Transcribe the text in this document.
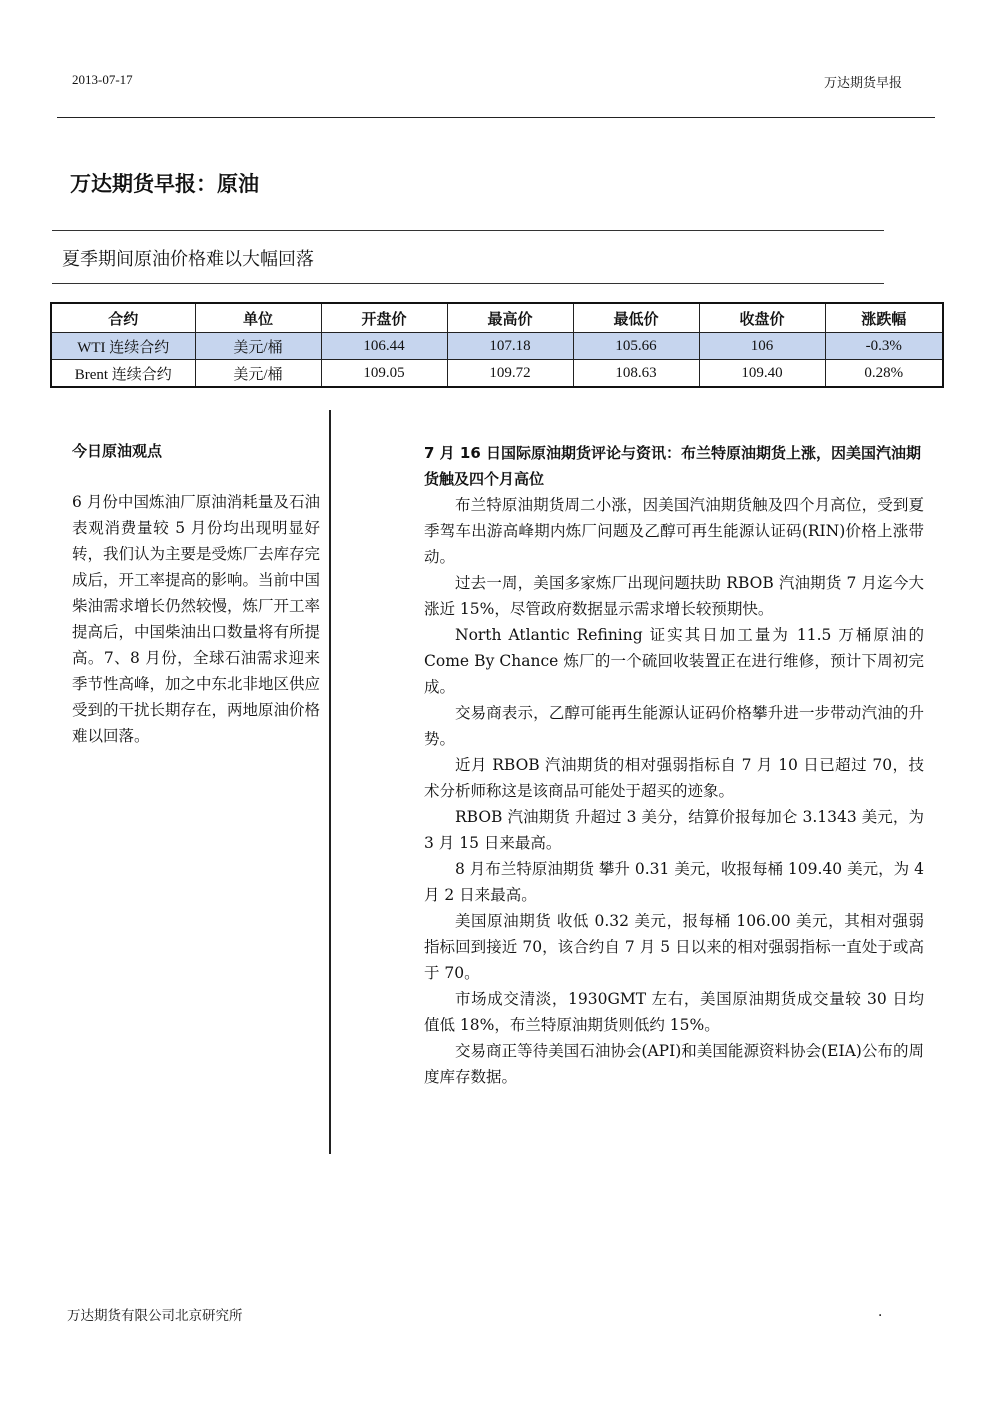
2013-07-17	万达期货早报
万达期货早报：原油
夏季期间原油价格难以大幅回落
合约	单位	开盘价	最高价	最低价	收盘价	涨跌幅
WTI 连续合约	美元/桶	106.44	107.18	105.66	106	-0.3%
Brent 连续合约	美元/桶	109.05	109.72	108.63	109.40	0.28%

今日原油观点

6 月份中国炼油厂原油消耗量及石油表观消费量较 5 月份均出现明显好转，我们认为主要是受炼厂去库存完成后，开工率提高的影响。当前中国柴油需求增长仍然较慢，炼厂开工率提高后，中国柴油出口数量将有所提高。7、8 月份，全球石油需求迎来季节性高峰，加之中东北非地区供应受到的干扰长期存在，两地原油价格难以回落。

7 月 16 日国际原油期货评论与资讯：布兰特原油期货上涨，因美国汽油期货触及四个月高位

布兰特原油期货周二小涨，因美国汽油期货触及四个月高位，受到夏季驾车出游高峰期内炼厂问题及乙醇可再生能源认证码(RIN)价格上涨带动。

过去一周，美国多家炼厂出现问题扶助 RBOB 汽油期货 7 月迄今大涨近 15%，尽管政府数据显示需求增长较预期快。

North Atlantic Refining 证实其日加工量为 11.5 万桶原油的 Come By Chance 炼厂的一个硫回收装置正在进行维修，预计下周初完成。

交易商表示，乙醇可能再生能源认证码价格攀升进一步带动汽油的升势。

近月 RBOB 汽油期货的相对强弱指标自 7 月 10 日已超过 70，技术分析师称这是该商品可能处于超买的迹象。

RBOB 汽油期货 升超过 3 美分，结算价报每加仑 3.1343 美元，为 3 月 15 日来最高。

8 月布兰特原油期货 攀升 0.31 美元，收报每桶 109.40 美元，为 4 月 2 日来最高。

美国原油期货 收低 0.32 美元，报每桶 106.00 美元，其相对强弱指标回到接近 70，该合约自 7 月 5 日以来的相对强弱指标一直处于或高于 70。

市场成交清淡，1930GMT 左右，美国原油期货成交量较 30 日均值低 18%，布兰特原油期货则低约 15%。

交易商正等待美国石油协会(API)和美国能源资料协会(EIA)公布的周度库存数据。

万达期货有限公司北京研究所	.
